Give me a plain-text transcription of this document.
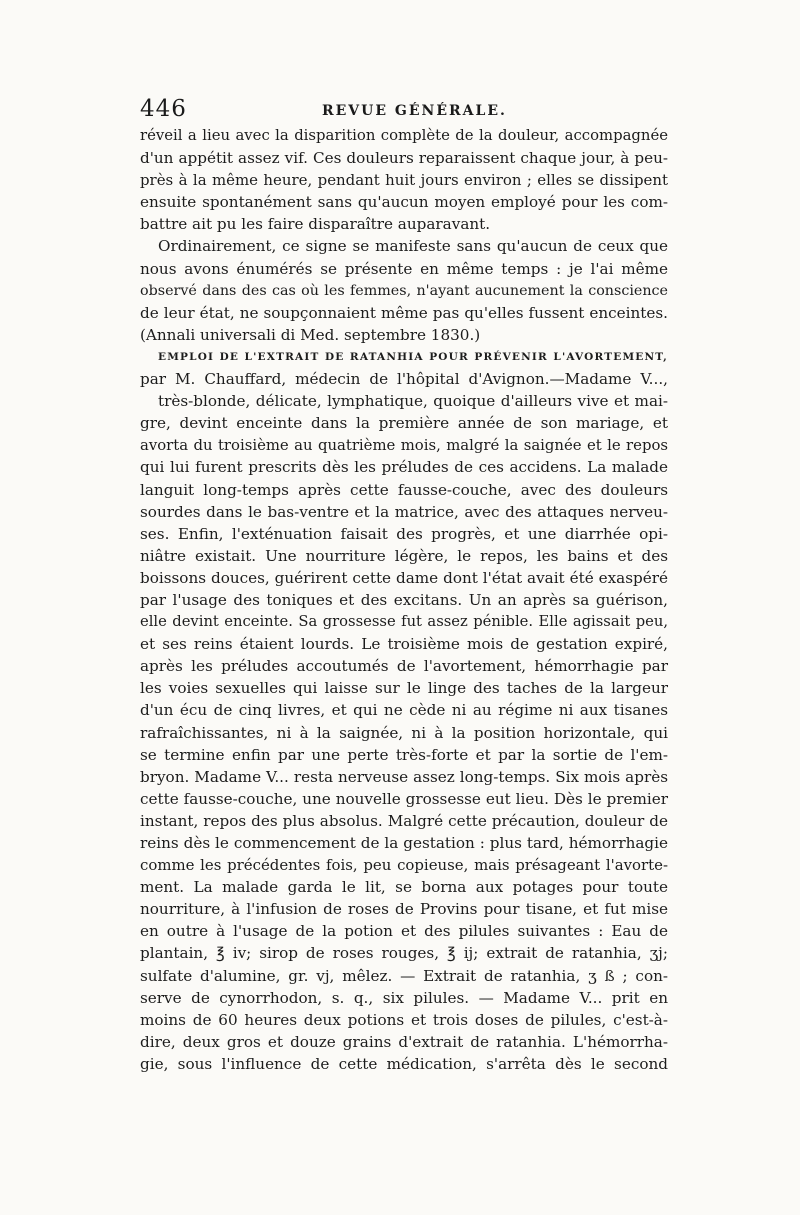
446	REVUE GÉNÉRALE.
réveil a lieu avec la disparition complète de la douleur, accompagnée
d'un appétit assez vif. Ces douleurs reparaissent chaque jour, à peu-
près à la même heure, pendant huit jours environ ; elles se dissipent
ensuite spontanément sans qu'aucun moyen employé pour les com-
battre ait pu les faire disparaître auparavant.
Ordinairement, ce signe se manifeste sans qu'aucun de ceux que
nous avons énumérés se présente en même temps : je l'ai même
observé dans des cas où les femmes, n'ayant aucunement la conscience
de leur état, ne soupçonnaient même pas qu'elles fussent enceintes.
(Annali universali di Med. septembre 1830.)
EMPLOI DE L'EXTRAIT DE RATANHIA POUR PRÉVENIR L'AVORTEMENT,
par M. Chauffard, médecin de l'hôpital d'Avignon.—Madame V...,
très-blonde, délicate, lymphatique, quoique d'ailleurs vive et mai-
gre, devint enceinte dans la première année de son mariage, et
avorta du troisième au quatrième mois, malgré la saignée et le repos
qui lui furent prescrits dès les préludes de ces accidens. La malade
languit long-temps après cette fausse-couche, avec des douleurs
sourdes dans le bas-ventre et la matrice, avec des attaques nerveu-
ses. Enfin, l'exténuation faisait des progrès, et une diarrhée opi-
niâtre existait. Une nourriture légère, le repos, les bains et des
boissons douces, guérirent cette dame dont l'état avait été exaspéré
par l'usage des toniques et des excitans. Un an après sa guérison,
elle devint enceinte. Sa grossesse fut assez pénible. Elle agissait peu,
et ses reins étaient lourds. Le troisième mois de gestation expiré,
après les préludes accoutumés de l'avortement, hémorrhagie par
les voies sexuelles qui laisse sur le linge des taches de la largeur
d'un écu de cinq livres, et qui ne cède ni au régime ni aux tisanes
rafraîchissantes, ni à la saignée, ni à la position horizontale, qui
se termine enfin par une perte très-forte et par la sortie de l'em-
bryon. Madame V... resta nerveuse assez long-temps. Six mois après
cette fausse-couche, une nouvelle grossesse eut lieu. Dès le premier
instant, repos des plus absolus. Malgré cette précaution, douleur de
reins dès le commencement de la gestation : plus tard, hémorrhagie
comme les précédentes fois, peu copieuse, mais présageant l'avorte-
ment. La malade garda le lit, se borna aux potages pour toute
nourriture, à l'infusion de roses de Provins pour tisane, et fut mise
en outre à l'usage de la potion et des pilules suivantes : Eau de
plantain, ℥ iv; sirop de roses rouges, ℥ ij; extrait de ratanhia, ʒj;
sulfate d'alumine, gr. vj, mêlez. — Extrait de ratanhia, ʒ ß ; con-
serve de cynorrhodon, s. q., six pilules. — Madame V... prit en
moins de 60 heures deux potions et trois doses de pilules, c'est-à-
dire, deux gros et douze grains d'extrait de ratanhia. L'hémorrha-
gie, sous l'influence de cette médication, s'arrêta dès le second
